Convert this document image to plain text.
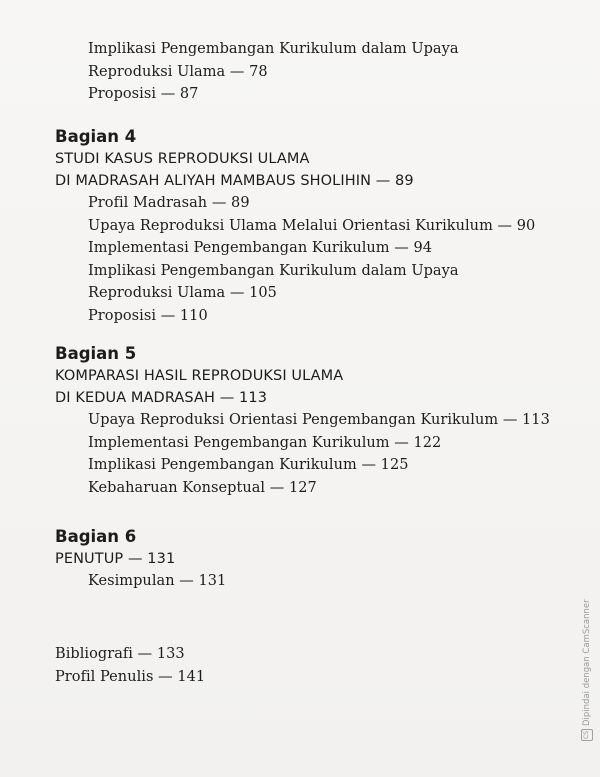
Implikasi Pengembangan Kurikulum dalam Upaya
Reproduksi Ulama — 78
Proposisi — 87
Bagian 4
STUDI KASUS REPRODUKSI ULAMA
DI MADRASAH ALIYAH MAMBAUS SHOLIHIN — 89
Profil Madrasah — 89
Upaya Reproduksi Ulama Melalui Orientasi Kurikulum — 90
Implementasi Pengembangan Kurikulum — 94
Implikasi Pengembangan Kurikulum dalam Upaya
Reproduksi Ulama — 105
Proposisi — 110
Bagian 5
KOMPARASI HASIL REPRODUKSI ULAMA
DI KEDUA MADRASAH — 113
Upaya Reproduksi Orientasi Pengembangan Kurikulum — 113
Implementasi Pengembangan Kurikulum — 122
Implikasi Pengembangan Kurikulum — 125
Kebaharuan Konseptual — 127
Bagian 6
PENUTUP — 131
Kesimpulan — 131
Bibliografi — 133
Profil Penulis — 141
CS
Dipindai dengan CamScanner
